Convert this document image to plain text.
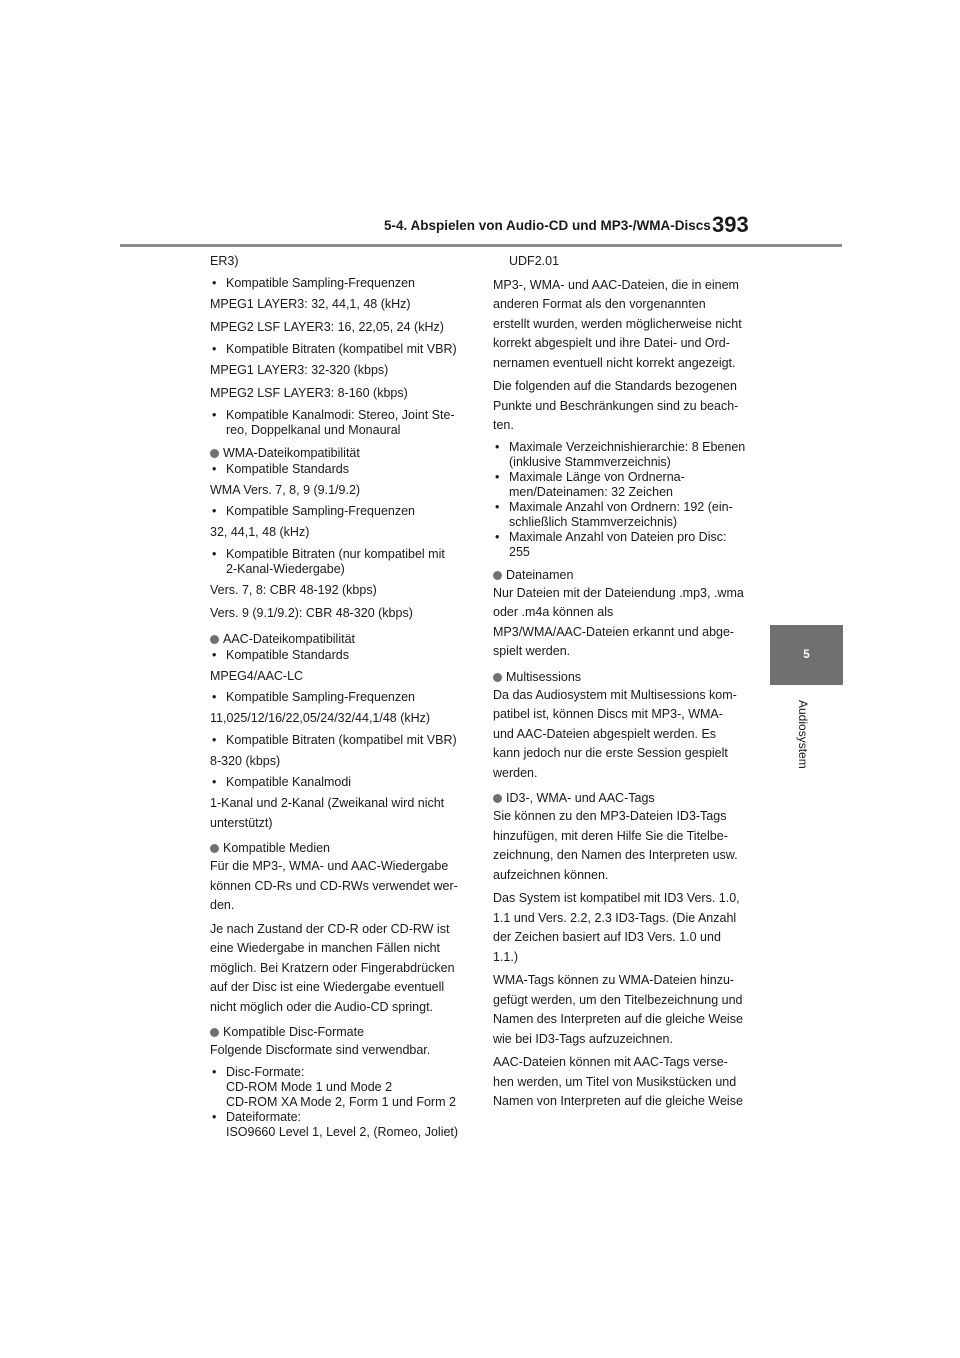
5-4. Abspielen von Audio-CD und MP3-/WMA-Discs 393
5
Audiosystem
ER3)
• Kompatible Sampling-Frequenzen
MPEG1 LAYER3: 32, 44,1, 48 (kHz)
MPEG2 LSF LAYER3: 16, 22,05, 24 (kHz)
• Kompatible Bitraten (kompatibel mit VBR)
MPEG1 LAYER3: 32-320 (kbps)
MPEG2 LSF LAYER3: 8-160 (kbps)
• Kompatible Kanalmodi: Stereo, Joint Ste-
reo, Doppelkanal und Monaural
WMA-Dateikompatibilität
• Kompatible Standards
WMA Vers. 7, 8, 9 (9.1/9.2)
• Kompatible Sampling-Frequenzen
32, 44,1, 48 (kHz)
• Kompatible Bitraten (nur kompatibel mit
2-Kanal-Wiedergabe)
Vers. 7, 8: CBR 48-192 (kbps)
Vers. 9 (9.1/9.2): CBR 48-320 (kbps)
AAC-Dateikompatibilität
• Kompatible Standards
MPEG4/AAC-LC
• Kompatible Sampling-Frequenzen
11,025/12/16/22,05/24/32/44,1/48 (kHz)
• Kompatible Bitraten (kompatibel mit VBR)
8-320 (kbps)
• Kompatible Kanalmodi
1-Kanal und 2-Kanal (Zweikanal wird nicht
unterstützt)
Kompatible Medien
Für die MP3-, WMA- und AAC-Wiedergabe
können CD-Rs und CD-RWs verwendet wer-
den.
Je nach Zustand der CD-R oder CD-RW ist
eine Wiedergabe in manchen Fällen nicht
möglich. Bei Kratzern oder Fingerabdrücken
auf der Disc ist eine Wiedergabe eventuell
nicht möglich oder die Audio-CD springt.
Kompatible Disc-Formate
Folgende Discformate sind verwendbar.
• Disc-Formate:
CD-ROM Mode 1 und Mode 2
CD-ROM XA Mode 2, Form 1 und Form 2
• Dateiformate:
ISO9660 Level 1, Level 2, (Romeo, Joliet)
UDF2.01
MP3-, WMA- und AAC-Dateien, die in einem
anderen Format als den vorgenannten
erstellt wurden, werden möglicherweise nicht
korrekt abgespielt und ihre Datei- und Ord-
nernamen eventuell nicht korrekt angezeigt.
Die folgenden auf die Standards bezogenen
Punkte und Beschränkungen sind zu beach-
ten.
• Maximale Verzeichnishierarchie: 8 Ebenen
(inklusive Stammverzeichnis)
• Maximale Länge von Ordnerna-
men/Dateinamen: 32 Zeichen
• Maximale Anzahl von Ordnern: 192 (ein-
schließlich Stammverzeichnis)
• Maximale Anzahl von Dateien pro Disc:
255
Dateinamen
Nur Dateien mit der Dateiendung .mp3, .wma
oder .m4a können als
MP3/WMA/AAC-Dateien erkannt und abge-
spielt werden.
Multisessions
Da das Audiosystem mit Multisessions kom-
patibel ist, können Discs mit MP3-, WMA-
und AAC-Dateien abgespielt werden. Es
kann jedoch nur die erste Session gespielt
werden.
ID3-, WMA- und AAC-Tags
Sie können zu den MP3-Dateien ID3-Tags
hinzufügen, mit deren Hilfe Sie die Titelbe-
zeichnung, den Namen des Interpreten usw.
aufzeichnen können.
Das System ist kompatibel mit ID3 Vers. 1.0,
1.1 und Vers. 2.2, 2.3 ID3-Tags. (Die Anzahl
der Zeichen basiert auf ID3 Vers. 1.0 und
1.1.)
WMA-Tags können zu WMA-Dateien hinzu-
gefügt werden, um den Titelbezeichnung und
Namen des Interpreten auf die gleiche Weise
wie bei ID3-Tags aufzuzeichnen.
AAC-Dateien können mit AAC-Tags verse-
hen werden, um Titel von Musikstücken und
Namen von Interpreten auf die gleiche Weise
